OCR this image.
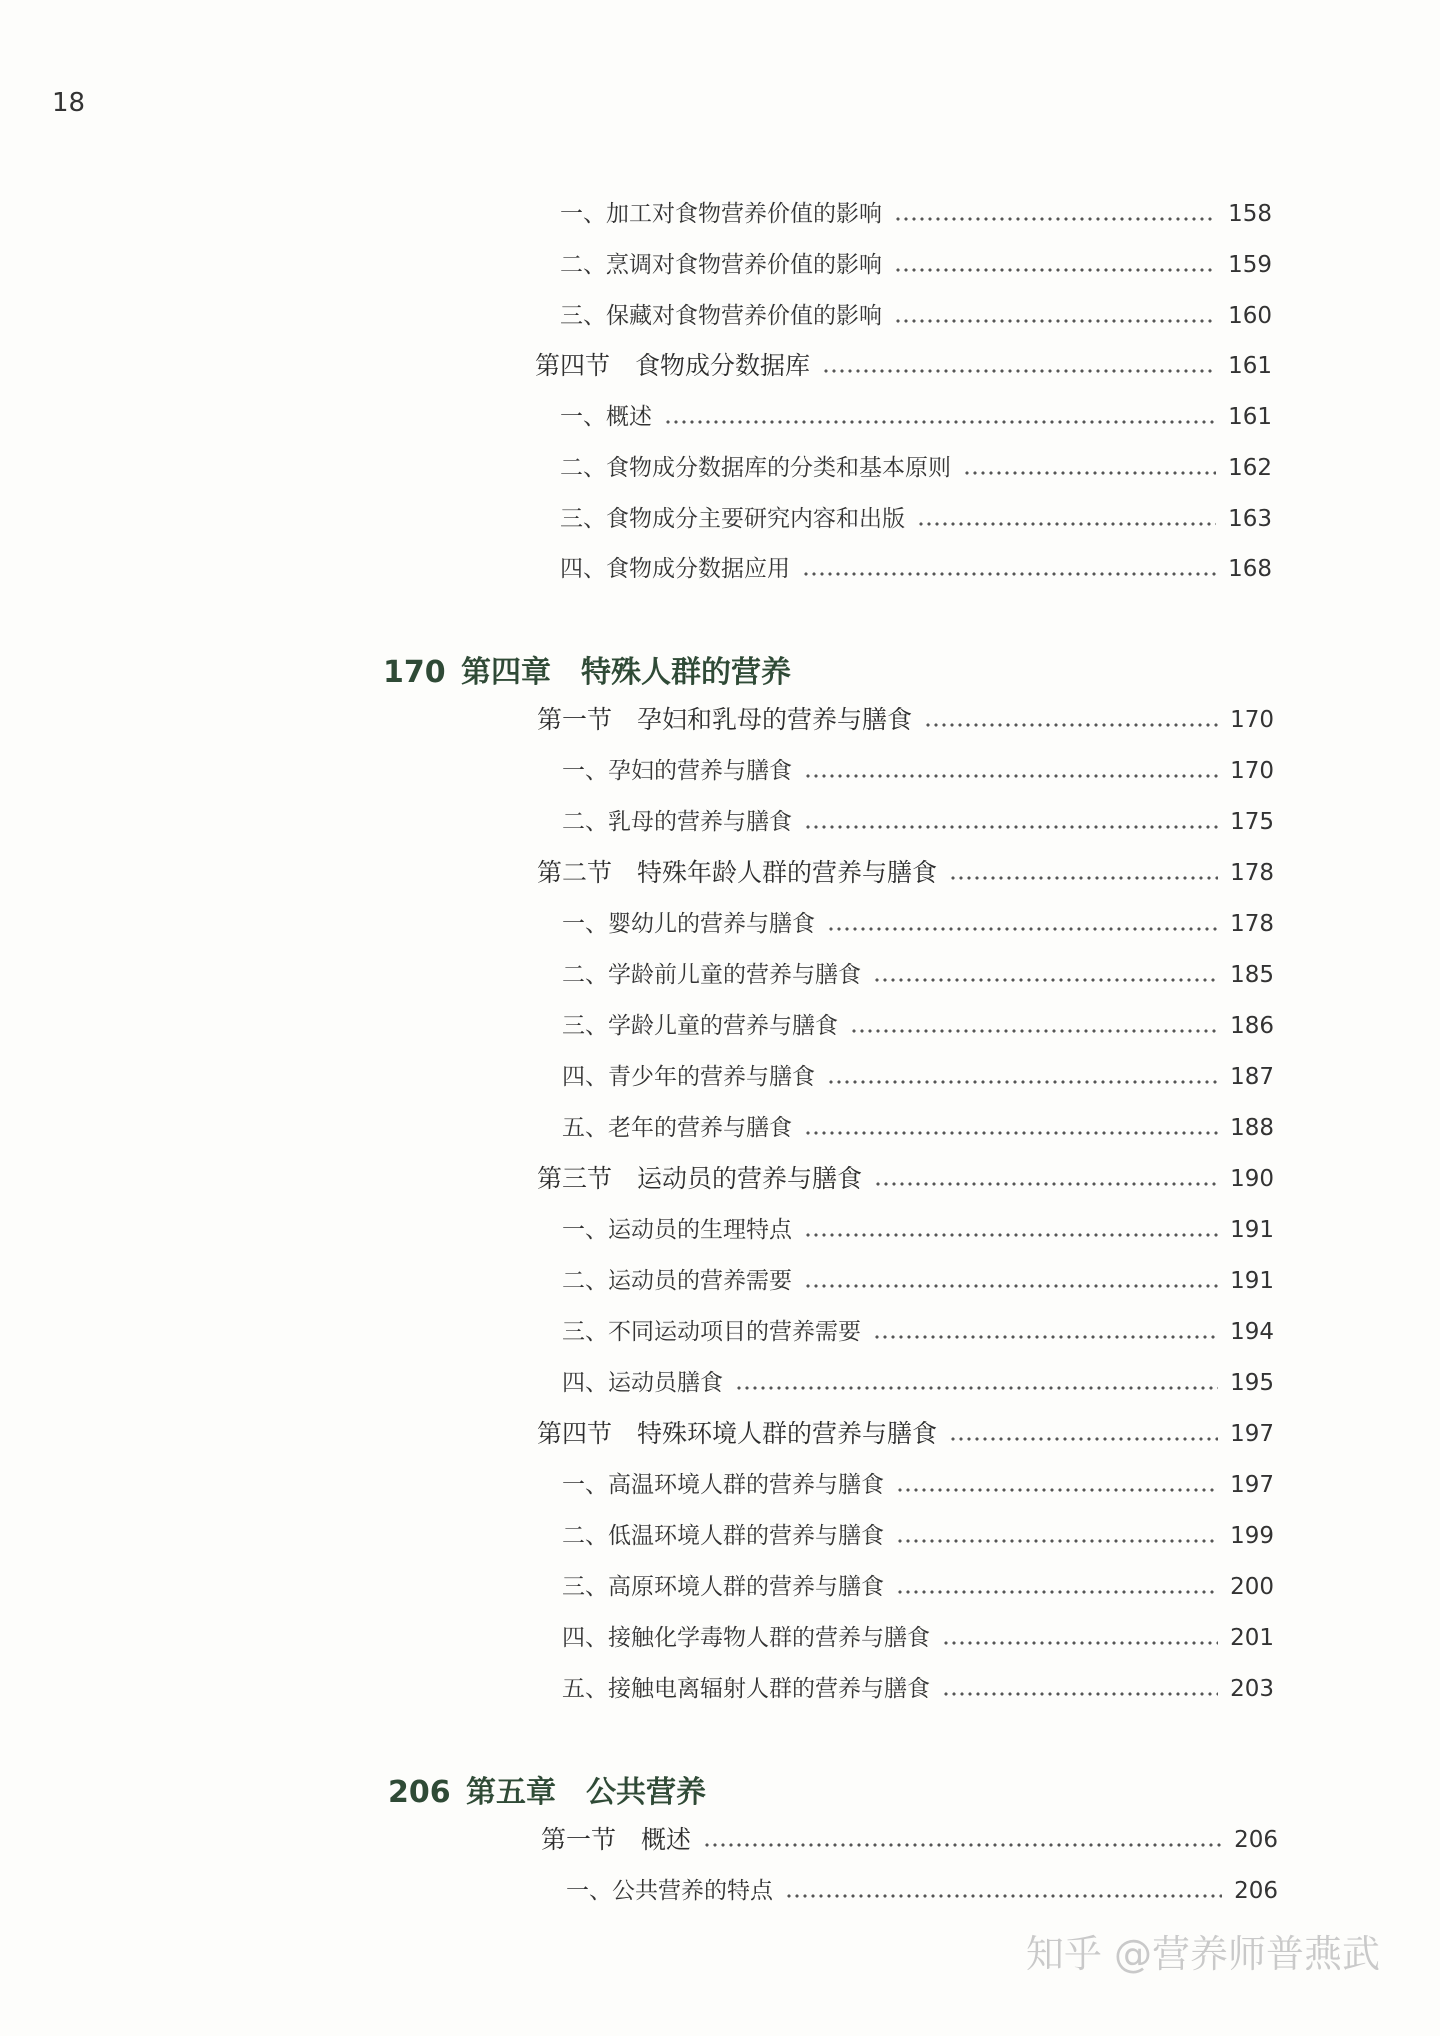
18
一、加工对食物营养价值的影响	158
二、烹调对食物营养价值的影响	159
三、保藏对食物营养价值的影响	160
第四节　食物成分数据库	161
一、概述	161
二、食物成分数据库的分类和基本原则	162
三、食物成分主要研究内容和出版	163
四、食物成分数据应用	168
170 第四章　特殊人群的营养
第一节　孕妇和乳母的营养与膳食	170
一、孕妇的营养与膳食	170
二、乳母的营养与膳食	175
第二节　特殊年龄人群的营养与膳食	178
一、婴幼儿的营养与膳食	178
二、学龄前儿童的营养与膳食	185
三、学龄儿童的营养与膳食	186
四、青少年的营养与膳食	187
五、老年的营养与膳食	188
第三节　运动员的营养与膳食	190
一、运动员的生理特点	191
二、运动员的营养需要	191
三、不同运动项目的营养需要	194
四、运动员膳食	195
第四节　特殊环境人群的营养与膳食	197
一、高温环境人群的营养与膳食	197
二、低温环境人群的营养与膳食	199
三、高原环境人群的营养与膳食	200
四、接触化学毒物人群的营养与膳食	201
五、接触电离辐射人群的营养与膳食	203
206 第五章　公共营养
第一节　概述	206
一、公共营养的特点	206
知乎 @营养师普燕武
